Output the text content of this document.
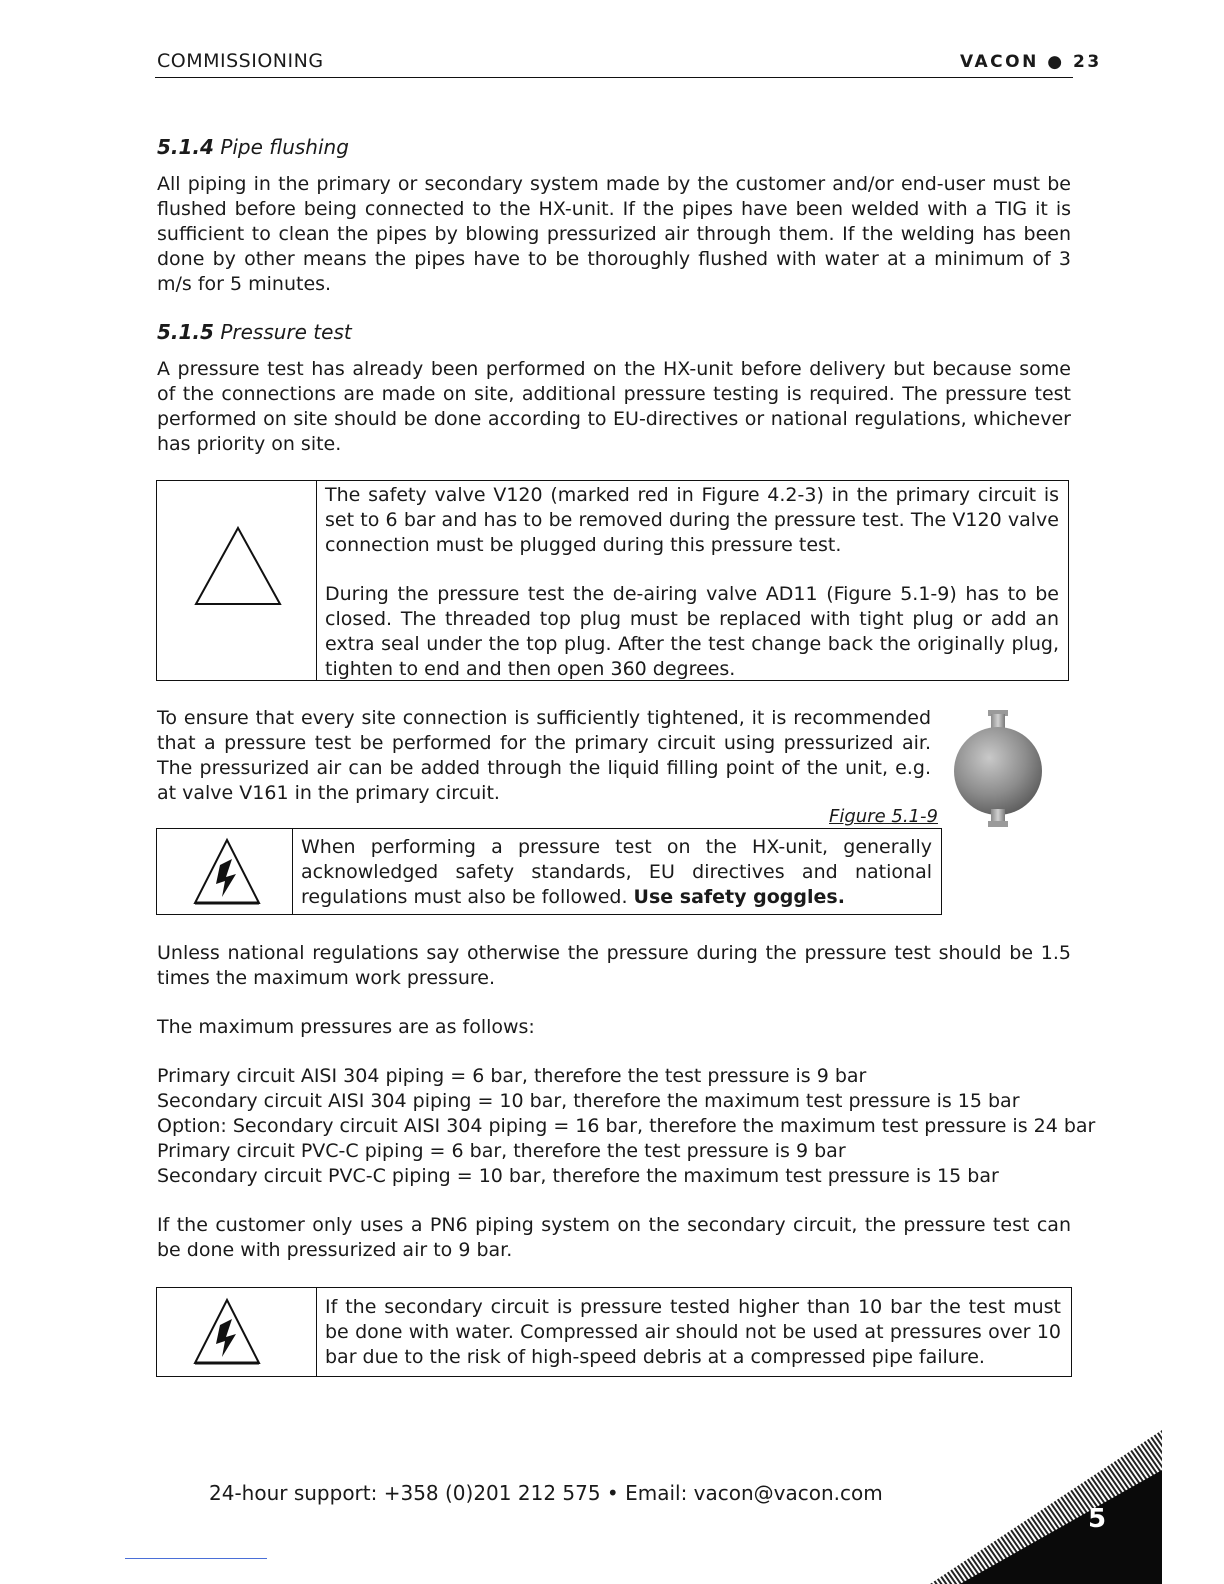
COMMISSIONING	VACON ● 23
5.1.4 Pipe flushing
All piping in the primary or secondary system made by the customer and/or end-user must be flushed before being connected to the HX-unit. If the pipes have been welded with a TIG it is sufficient to clean the pipes by blowing pressurized air through them. If the welding has been done by other means the pipes have to be thoroughly flushed with water at a minimum of 3 m/s for 5 minutes.
5.1.5 Pressure test
A pressure test has already been performed on the HX-unit before delivery but because some of the connections are made on site, additional pressure testing is required. The pressure test performed on site should be done according to EU-directives or national regulations, whichever has priority on site.
The safety valve V120 (marked red in Figure 4.2-3) in the primary circuit is set to 6 bar and has to be removed during the pressure test. The V120 valve connection must be plugged during this pressure test.
During the pressure test the de-airing valve AD11 (Figure 5.1-9) has to be closed. The threaded top plug must be replaced with tight plug or add an extra seal under the top plug. After the test change back the originally plug, tighten to end and then open 360 degrees.
To ensure that every site connection is sufficiently tightened, it is recommended that a pressure test be performed for the primary circuit using pressurized air. The pressurized air can be added through the liquid filling point of the unit, e.g. at valve V161 in the primary circuit.
Figure 5.1-9
When performing a pressure test on the HX-unit, generally acknowledged safety standards, EU directives and national regulations must also be followed. Use safety goggles.
Unless national regulations say otherwise the pressure during the pressure test should be 1.5 times the maximum work pressure.
The maximum pressures are as follows:
Primary circuit AISI 304 piping = 6 bar, therefore the test pressure is 9 bar
Secondary circuit AISI 304 piping = 10 bar, therefore the maximum test pressure is 15 bar
Option: Secondary circuit AISI 304 piping = 16 bar, therefore the maximum test pressure is 24 bar
Primary circuit PVC-C piping = 6 bar, therefore the test pressure is 9 bar
Secondary circuit PVC-C piping = 10 bar, therefore the maximum test pressure is 15 bar
If the customer only uses a PN6 piping system on the secondary circuit, the pressure test can be done with pressurized air to 9 bar.
If the secondary circuit is pressure tested higher than 10 bar the test must be done with water. Compressed air should not be used at pressures over 10 bar due to the risk of high-speed debris at a compressed pipe failure.
24-hour support: +358 (0)201 212 575 • Email: vacon@vacon.com
5
